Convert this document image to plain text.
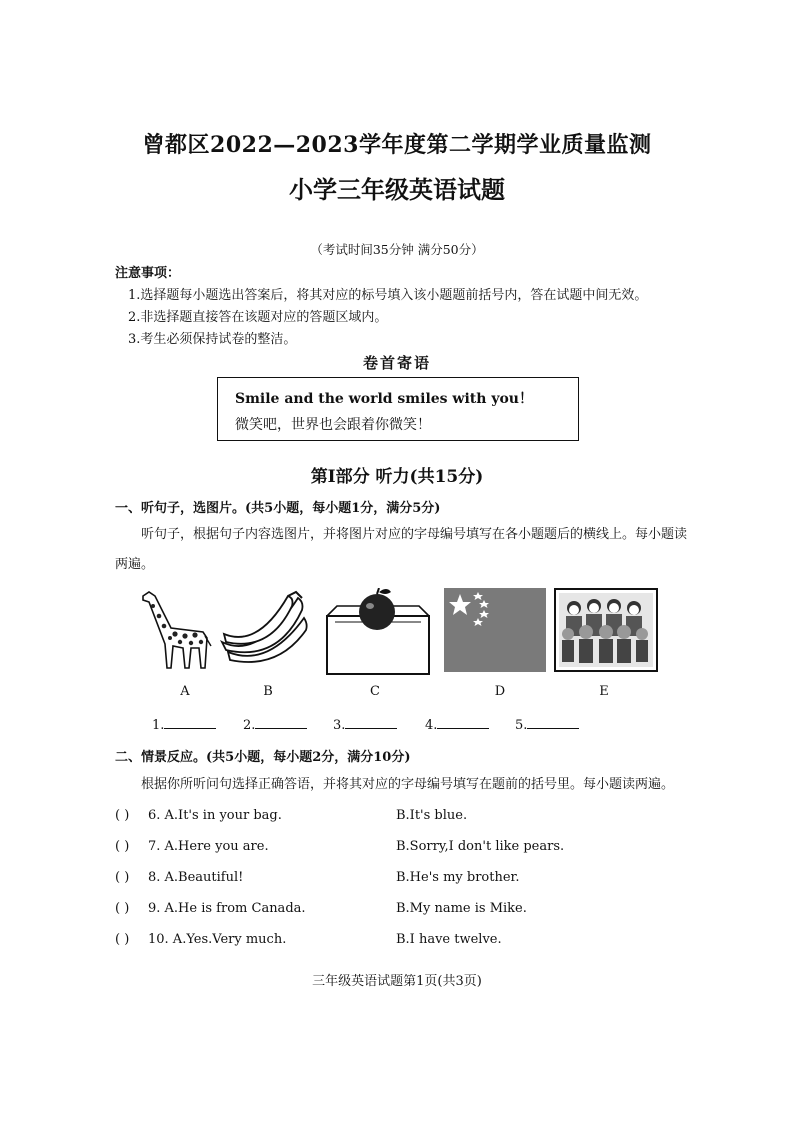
曾都区2022—2023学年度第二学期学业质量监测
小学三年级英语试题
（考试时间35分钟 满分50分）
注意事项：
1.选择题每小题选出答案后，将其对应的标号填入该小题题前括号内，答在试题中间无效。
2.非选择题直接答在该题对应的答题区域内。
3.考生必须保持试卷的整洁。
卷首寄语
Smile and the world smiles with you！
微笑吧，世界也会跟着你微笑！
第I部分 听力(共15分)
一、听句子，选图片。(共5小题，每小题1分，满分5分)
听句子，根据句子内容选图片，并将图片对应的字母编号填写在各小题题后的横线上。每小题读两遍。
A	B	C	D	E
1.	2.	3.	4.	5.
二、情景反应。(共5小题，每小题2分，满分10分)
根据你所听问句选择正确答语，并将其对应的字母编号填写在题前的括号里。每小题读两遍。
( ) 6. A.It's in your bag.	B.It's blue.
( ) 7. A.Here you are.	B.Sorry,I don't like pears.
( ) 8. A.Beautiful!	B.He's my brother.
( ) 9. A.He is from Canada.	B.My name is Mike.
( ) 10. A.Yes.Very much.	B.I have twelve.
三年级英语试题第1页(共3页)
